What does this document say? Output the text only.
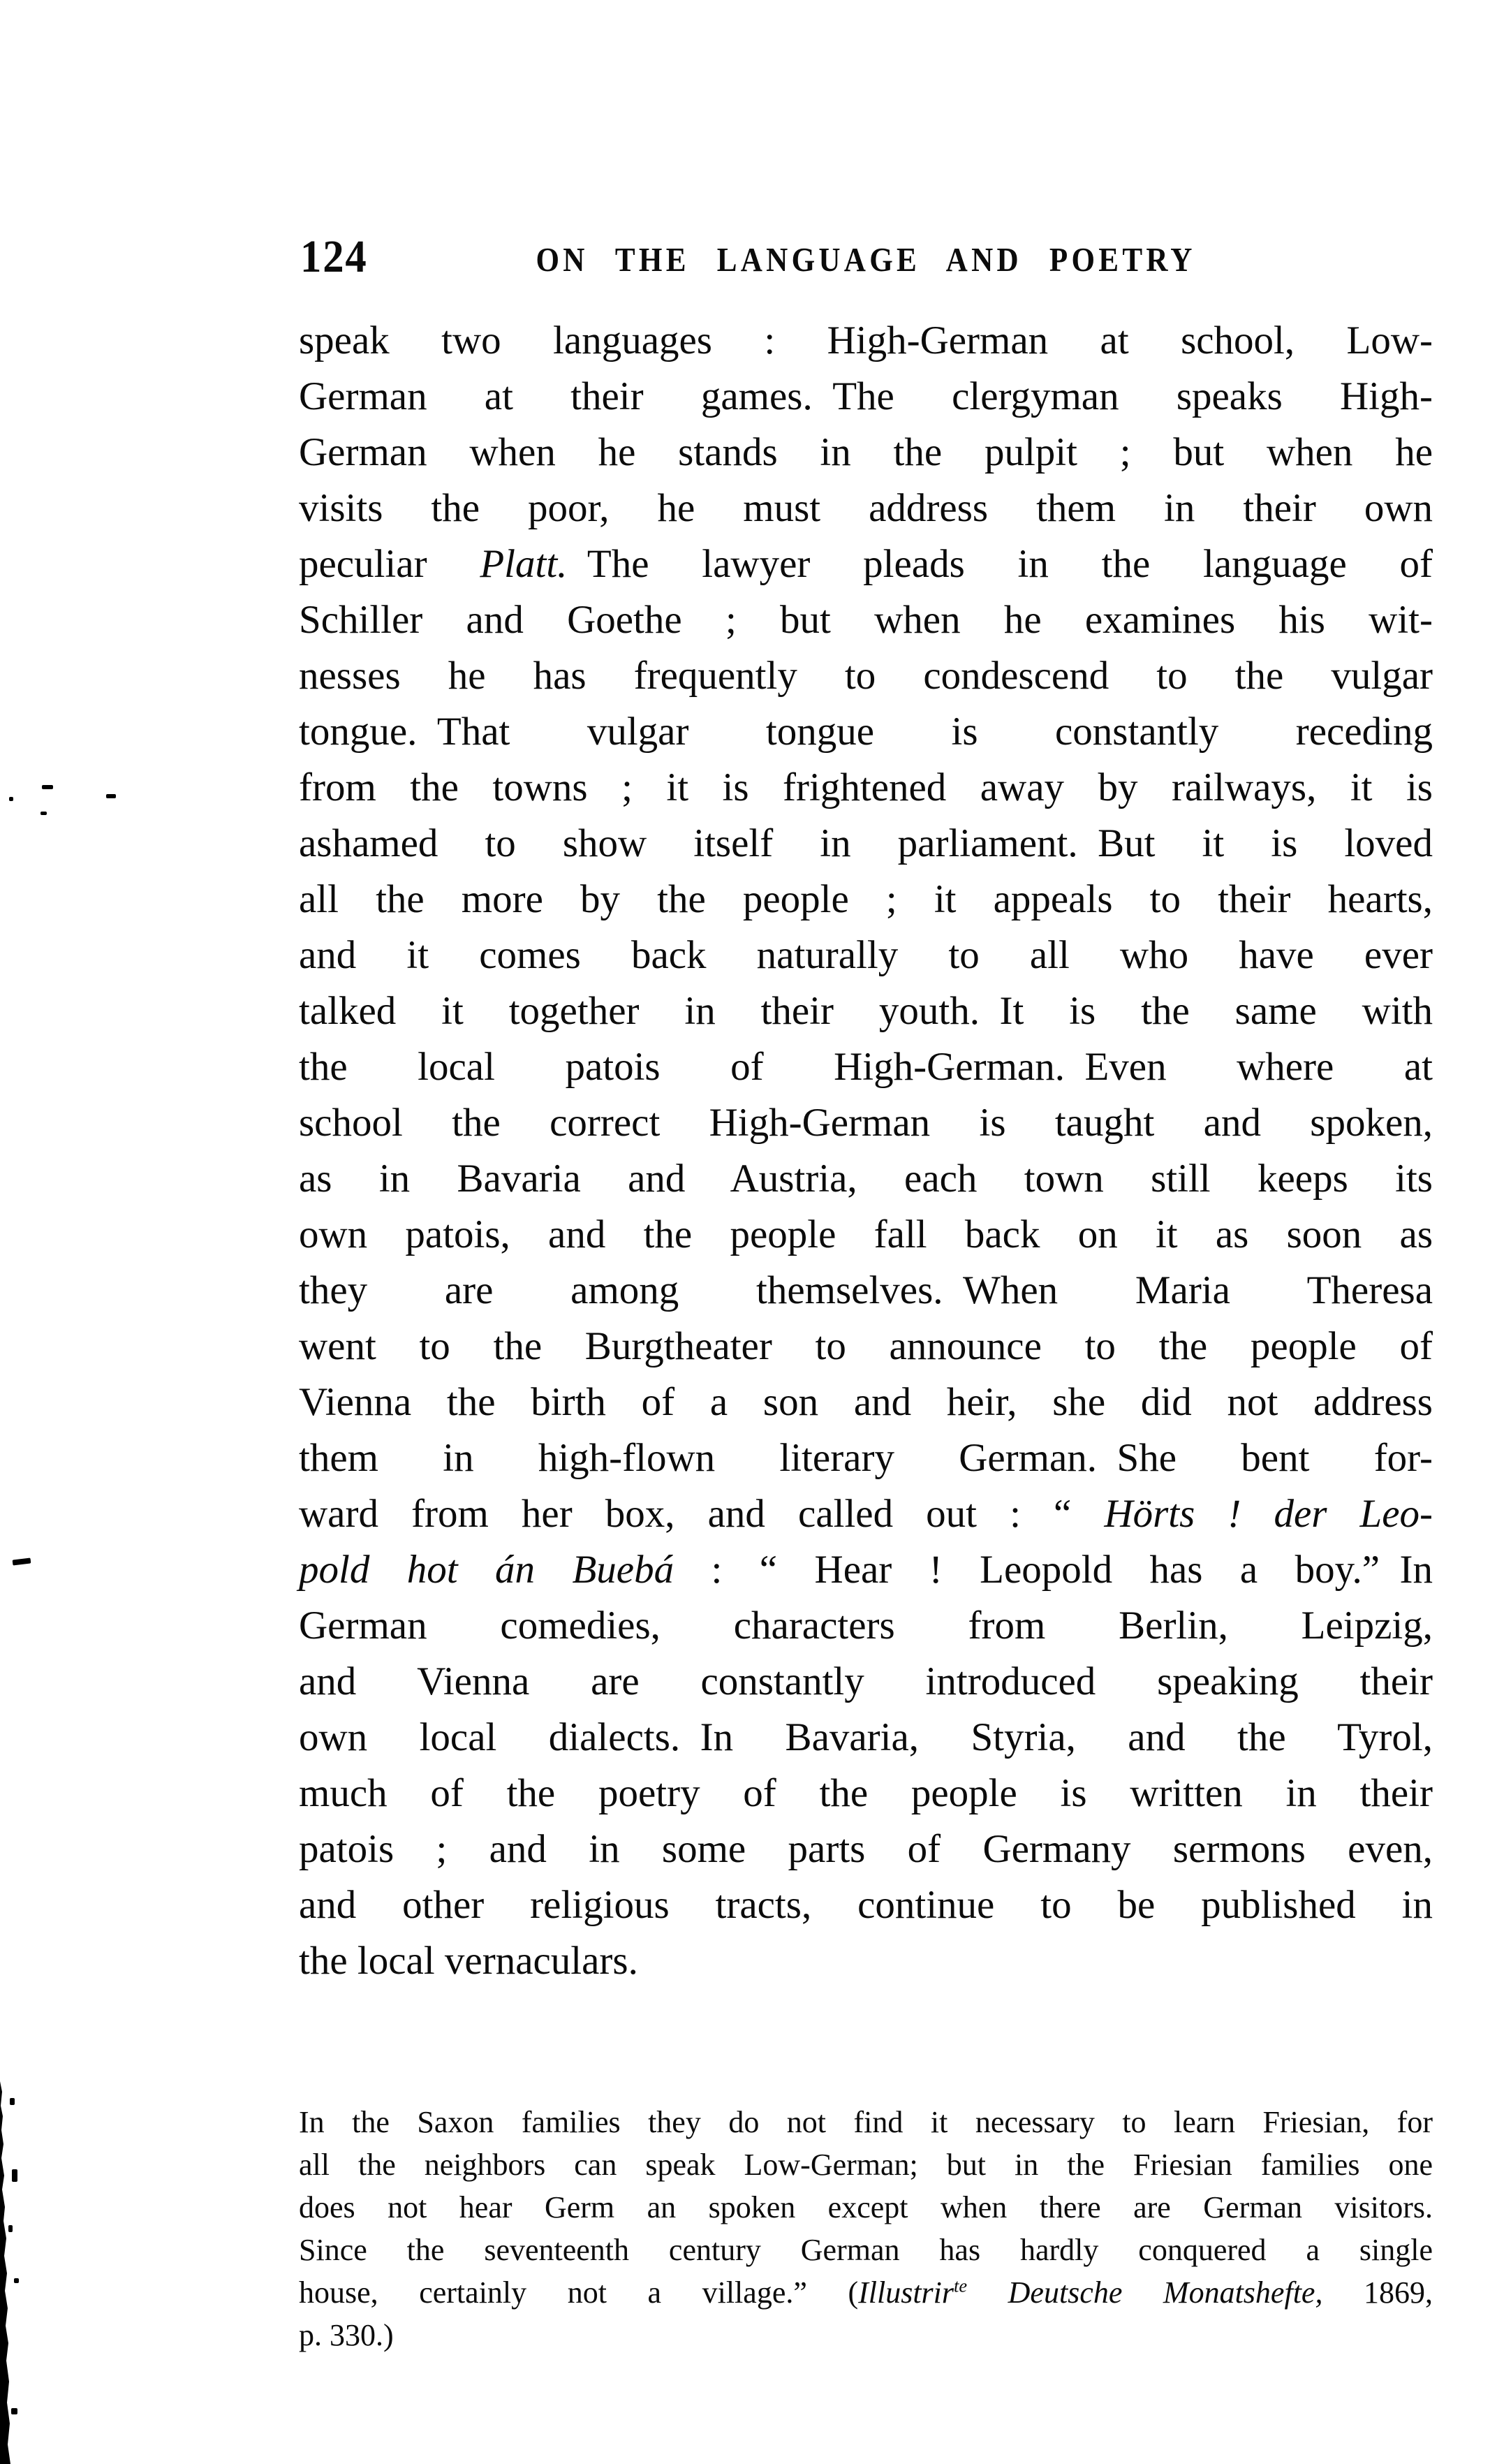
124	ON THE LANGUAGE AND POETRY
speak two languages : High-German at school, Low-
German at their games. The clergyman speaks High-
German when he stands in the pulpit ; but when he
visits the poor, he must address them in their own
peculiar Platt. The lawyer pleads in the language of
Schiller and Goethe ; but when he examines his wit-
nesses he has frequently to condescend to the vulgar
tongue. That vulgar tongue is constantly receding
from the towns ; it is frightened away by railways, it is
ashamed to show itself in parliament. But it is loved
all the more by the people ; it appeals to their hearts,
and it comes back naturally to all who have ever
talked it together in their youth. It is the same with
the local patois of High-German. Even where at
school the correct High-German is taught and spoken,
as in Bavaria and Austria, each town still keeps its
own patois, and the people fall back on it as soon as
they are among themselves. When Maria Theresa
went to the Burgtheater to announce to the people of
Vienna the birth of a son and heir, she did not address
them in high-flown literary German. She bent for-
ward from her box, and called out : “ Hörts ! der Leo-
pold hot án Buebá : “ Hear ! Leopold has a boy.” In
German comedies, characters from Berlin, Leipzig,
and Vienna are constantly introduced speaking their
own local dialects. In Bavaria, Styria, and the Tyrol,
much of the poetry of the people is written in their
patois ; and in some parts of Germany sermons even,
and other religious tracts, continue to be published in
the local vernaculars.
In the Saxon families they do not find it necessary to learn Friesian, for
all the neighbors can speak Low-German; but in the Friesian families one
does not hear Germ an spoken except when there are German visitors.
Since the seventeenth century German has hardly conquered a single
house, certainly not a village.” (Illustrir$^{te}$ Deutsche Monatshefte, 1869,
p. 330.)
